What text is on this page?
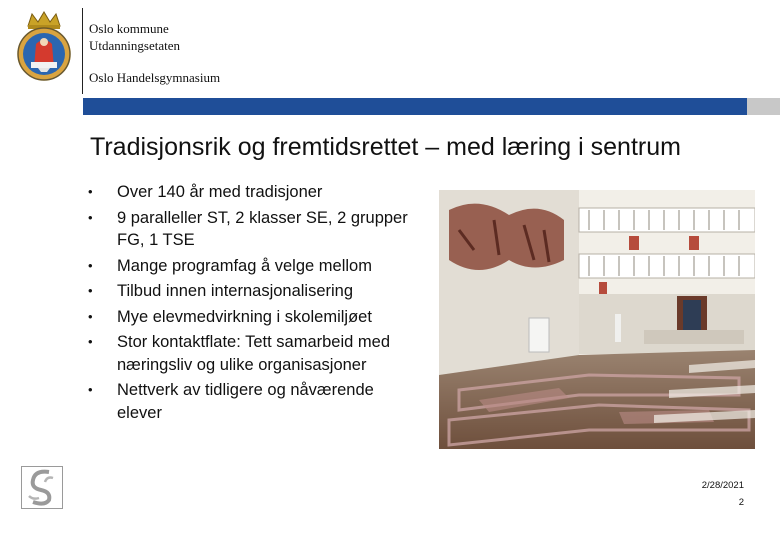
Oslo kommune
Utdanningsetaten
Oslo Handelsgymnasium
Tradisjonsrik og fremtidsrettet – med læring i sentrum
• Over 140 år med tradisjoner
• 9 paralleller ST, 2 klasser SE, 2 grupper FG, 1 TSE
• Mange programfag å velge mellom
• Tilbud innen internasjonalisering
• Mye elevmedvirkning i skolemiljøet
• Stor kontaktflate: Tett samarbeid med næringsliv og ulike organisasjoner
• Nettverk av tidligere og nåværende elever
2/28/2021
2
